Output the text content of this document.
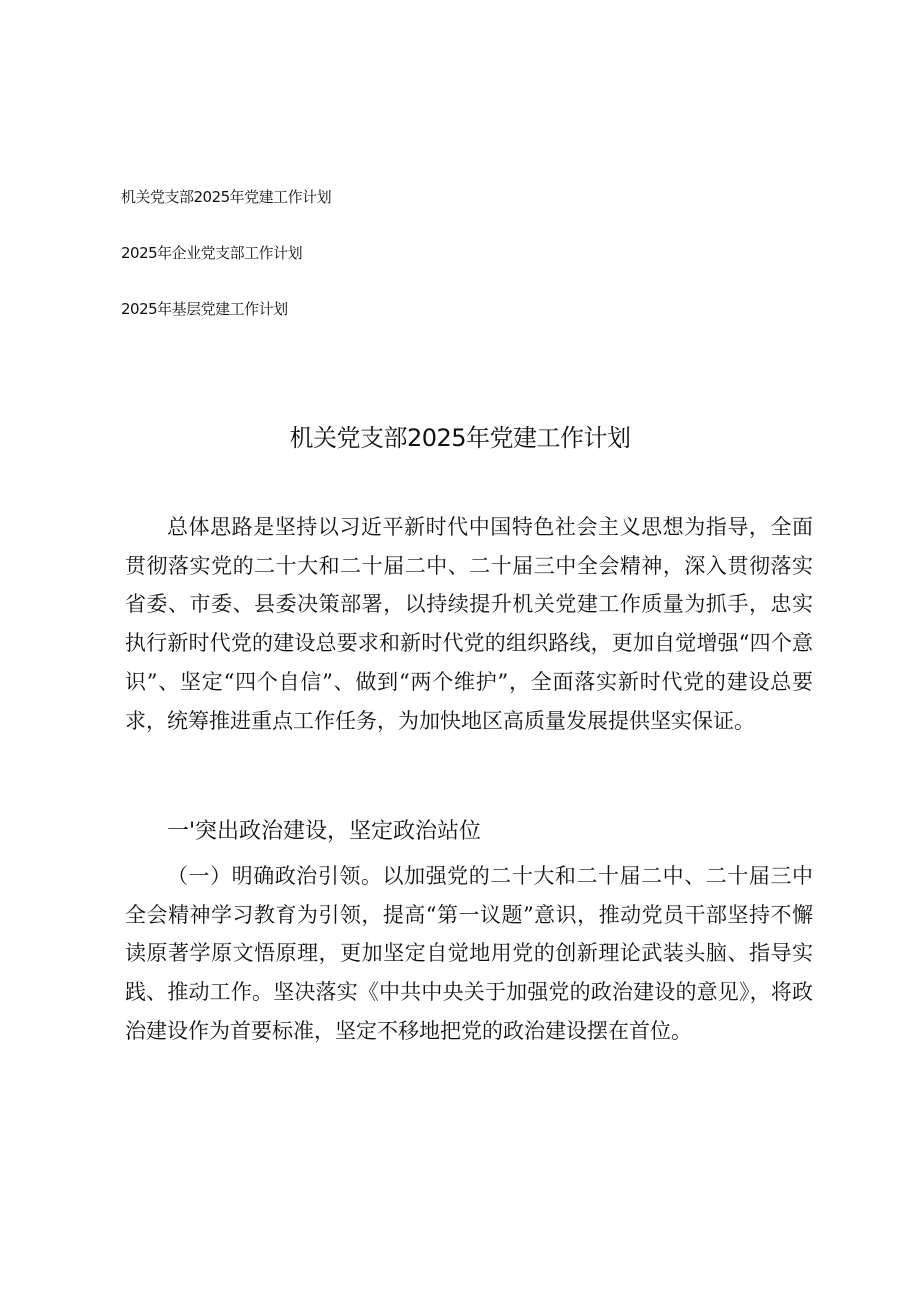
机关党支部2025年党建工作计划
2025年企业党支部工作计划
2025年基层党建工作计划
机关党支部2025年党建工作计划

总体思路是坚持以习近平新时代中国特色社会主义思想为指导，全面贯彻落实党的二十大和二十届二中、二十届三中全会精神，深入贯彻落实省委、市委、县委决策部署，以持续提升机关党建工作质量为抓手，忠实执行新时代党的建设总要求和新时代党的组织路线，更加自觉增强“四个意识”、坚定“四个自信”、做到“两个维护”，全面落实新时代党的建设总要求，统筹推进重点工作任务，为加快地区高质量发展提供坚实保证。

一'突出政治建设，坚定政治站位

（一）明确政治引领。以加强党的二十大和二十届二中、二十届三中全会精神学习教育为引领，提高“第一议题”意识，推动党员干部坚持不懈读原著学原文悟原理，更加坚定自觉地用党的创新理论武装头脑、指导实践、推动工作。坚决落实《中共中央关于加强党的政治建设的意见》，将政治建设作为首要标准，坚定不移地把党的政治建设摆在首位。
